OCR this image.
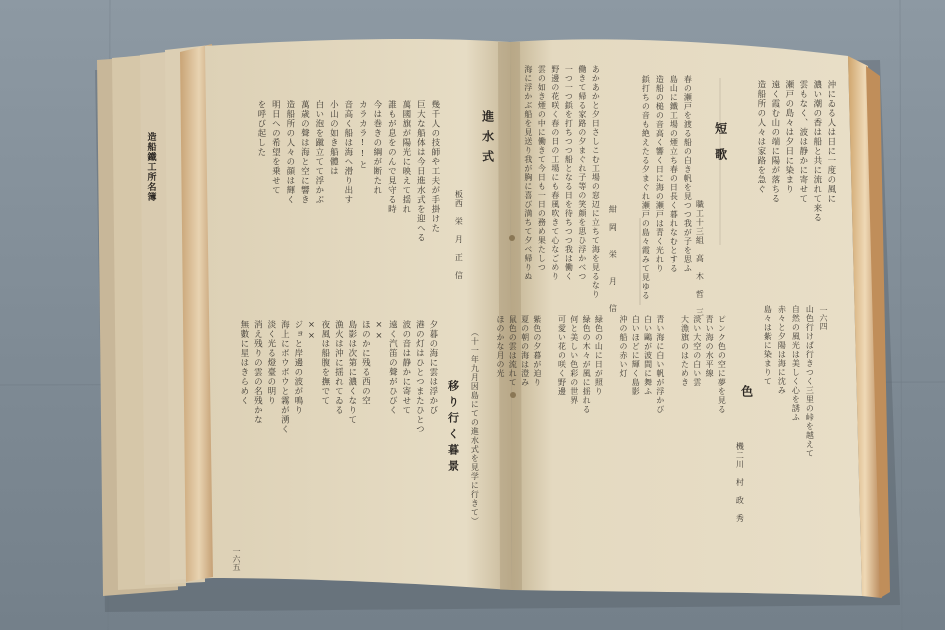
造船鐵工所名簿	進水式
板西　栄　月　正　信
幾千人の技師や工夫が手掛けた
巨大な船体は今日進水式を迎へる
萬國旗が陽光に映えて揺れ
誰もが息をのんで見守る時
今は巻きの綱が断たれ
カラカラ!!と
音高く船は海へ滑り出す
小山の如き船體は
白い泡を蹴立てて浮かぶ
萬歳の聲は海と空に響き
造船所の人々の顔は輝く
明日への希望を乗せて
を呼び起した
（十一年九月因島にての進水式を見学に行きて）
移り行く暮景
夕暮の海に雲は浮かび
港の灯はひとつまたひとつ
波の音は静かに寄せて
遠く汽笛の聲がひびく
××
ほのかに残る西の空
島影は次第に濃くなりて
漁火は沖に揺れてゐる
夜風は船腹を撫でて
××
ジョと岸邊の波が鳴り
海上にボウボウと霧が湧く
淡く光る燈臺の明り
消え残りの雲の名残かな
無數に星はきらめく
一六五
沖にゐる人は日に一度の風に
濃い潮の香は船と共に流れて来る
雲もなく、波は静かに寄せて
瀬戸の島々は夕日に染まり
遠く霞む山の端に陽が落ちる
造船所の人々は家路を急ぐ
短　歌
職工十三組　高　木　哲　三
春の瀬戸を渡る船の白き帆を見つつ我が子を思ふ
島山に鐵工場の煙立ち春の日長く暮れなむとする
造船の槌の音高く響く日に海の瀬戸は青く光れり
鋲打ちの音も絶えたる夕まぐれ瀬戸の島々霞みて見ゆる
紺　岡　　栄　　月　　信
あかあかと夕日さしこむ工場の窓辺に立ちて海を見るなり
働きて帰る家路の夕まぐれ子等の笑顔を思ひ浮かべつ
一つ一つ鋲を打ちつつ船となる日を待ちつつ我は働く
野邊の花咲く春の日の工場にも春風吹きて心なごめり
雲の如き煙の中に働きて今日も一日の務め果たしつ
海に浮かぶ船を見送り我が胸に喜び満ちて夕べ帰りぬ
山色行けば行きつく三里の峠を越えて
自然の風光は美しく心を誘ふ
赤々と夕陽は海に沈み
島々は紫に染まりて
色
機二川　村　政　秀
ピンク色の空に夢を見る
青い海の水平線
淡い大空の白い雲
大漁旗のはためき
青い海に白い帆が浮かび
白い鷗が波間に舞ふ
白いほどに輝く島影
沖の船の赤い灯
緑色の山に日が照り
緑色の木々が風に揺れる
何と美しい色彩の世界
可愛い花の咲く野邊
紫色の夕暮が迫り
夏の朝の海は澄み
鼠色の雲は流れて
ほのかな月の光	一六四
